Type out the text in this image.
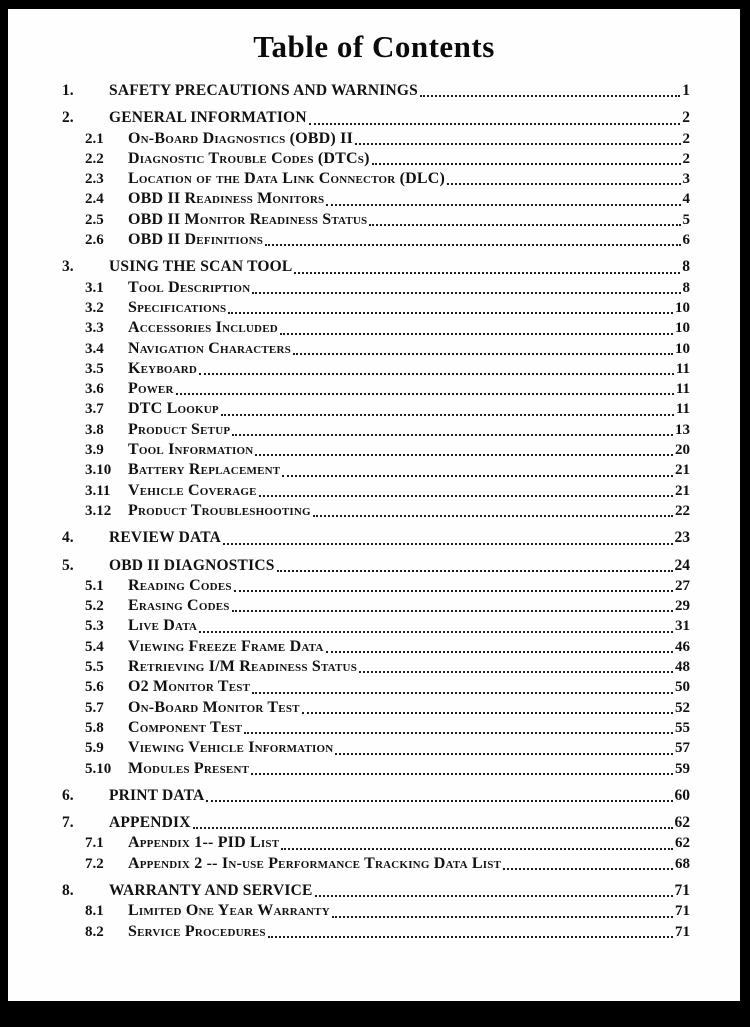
Table of Contents
1.	SAFETY PRECAUTIONS AND WARNINGS	1
2.	GENERAL INFORMATION	2
2.1	On-Board Diagnostics (OBD) II	2
2.2	Diagnostic Trouble Codes (DTCs)	2
2.3	Location of the Data Link Connector (DLC)	3
2.4	OBD II Readiness Monitors	4
2.5	OBD II Monitor Readiness Status	5
2.6	OBD II Definitions	6
3.	USING THE SCAN TOOL	8
3.1	Tool Description	8
3.2	Specifications	10
3.3	Accessories Included	10
3.4	Navigation Characters	10
3.5	Keyboard	11
3.6	Power	11
3.7	DTC Lookup	11
3.8	Product Setup	13
3.9	Tool Information	20
3.10	Battery Replacement	21
3.11	Vehicle Coverage	21
3.12	Product Troubleshooting	22
4.	REVIEW DATA	23
5.	OBD II DIAGNOSTICS	24
5.1	Reading Codes	27
5.2	Erasing Codes	29
5.3	Live Data	31
5.4	Viewing Freeze Frame Data	46
5.5	Retrieving I/M Readiness Status	48
5.6	O2 Monitor Test	50
5.7	On-Board Monitor Test	52
5.8	Component Test	55
5.9	Viewing Vehicle Information	57
5.10	Modules Present	59
6.	PRINT DATA	60
7.	APPENDIX	62
7.1	Appendix 1-- PID List	62
7.2	Appendix 2 -- In-use Performance Tracking Data List	68
8.	WARRANTY AND SERVICE	71
8.1	Limited One Year Warranty	71
8.2	Service Procedures	71
